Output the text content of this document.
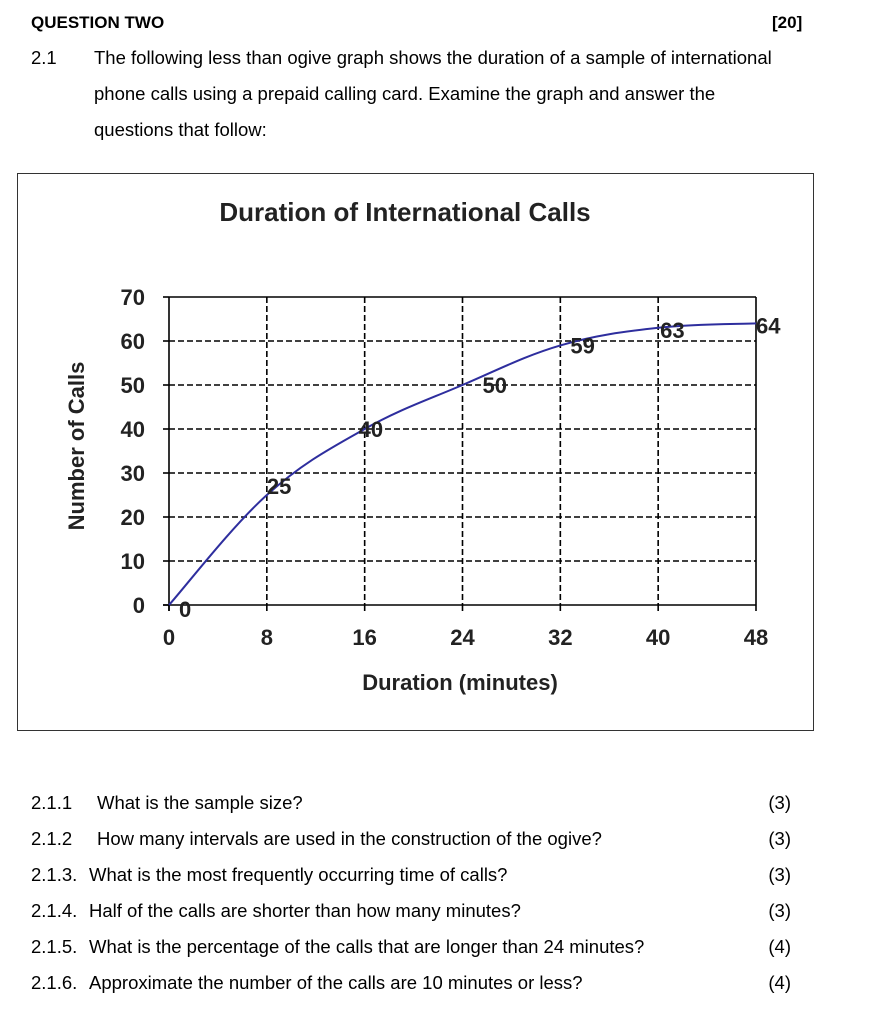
QUESTION TWO	[20]
2.1 The following less than ogive graph shows the duration of a sample of international
phone calls using a prepaid calling card. Examine the graph and answer the
questions that follow:
Duration of International Calls
Duration (minutes)
Number of Calls
0
10
20
30
40
50
60
70
0	8	16	24	32	40	48
0
25
40
50
59
63	64
2.1.1 What is the sample size?	(3)
2.1.2 How many intervals are used in the construction of the ogive?	(3)
2.1.3. What is the most frequently occurring time of calls?	(3)
2.1.4. Half of the calls are shorter than how many minutes?	(3)
2.1.5. What is the percentage of the calls that are longer than 24 minutes?	(4)
2.1.6. Approximate the number of the calls are 10 minutes or less?	(4)
